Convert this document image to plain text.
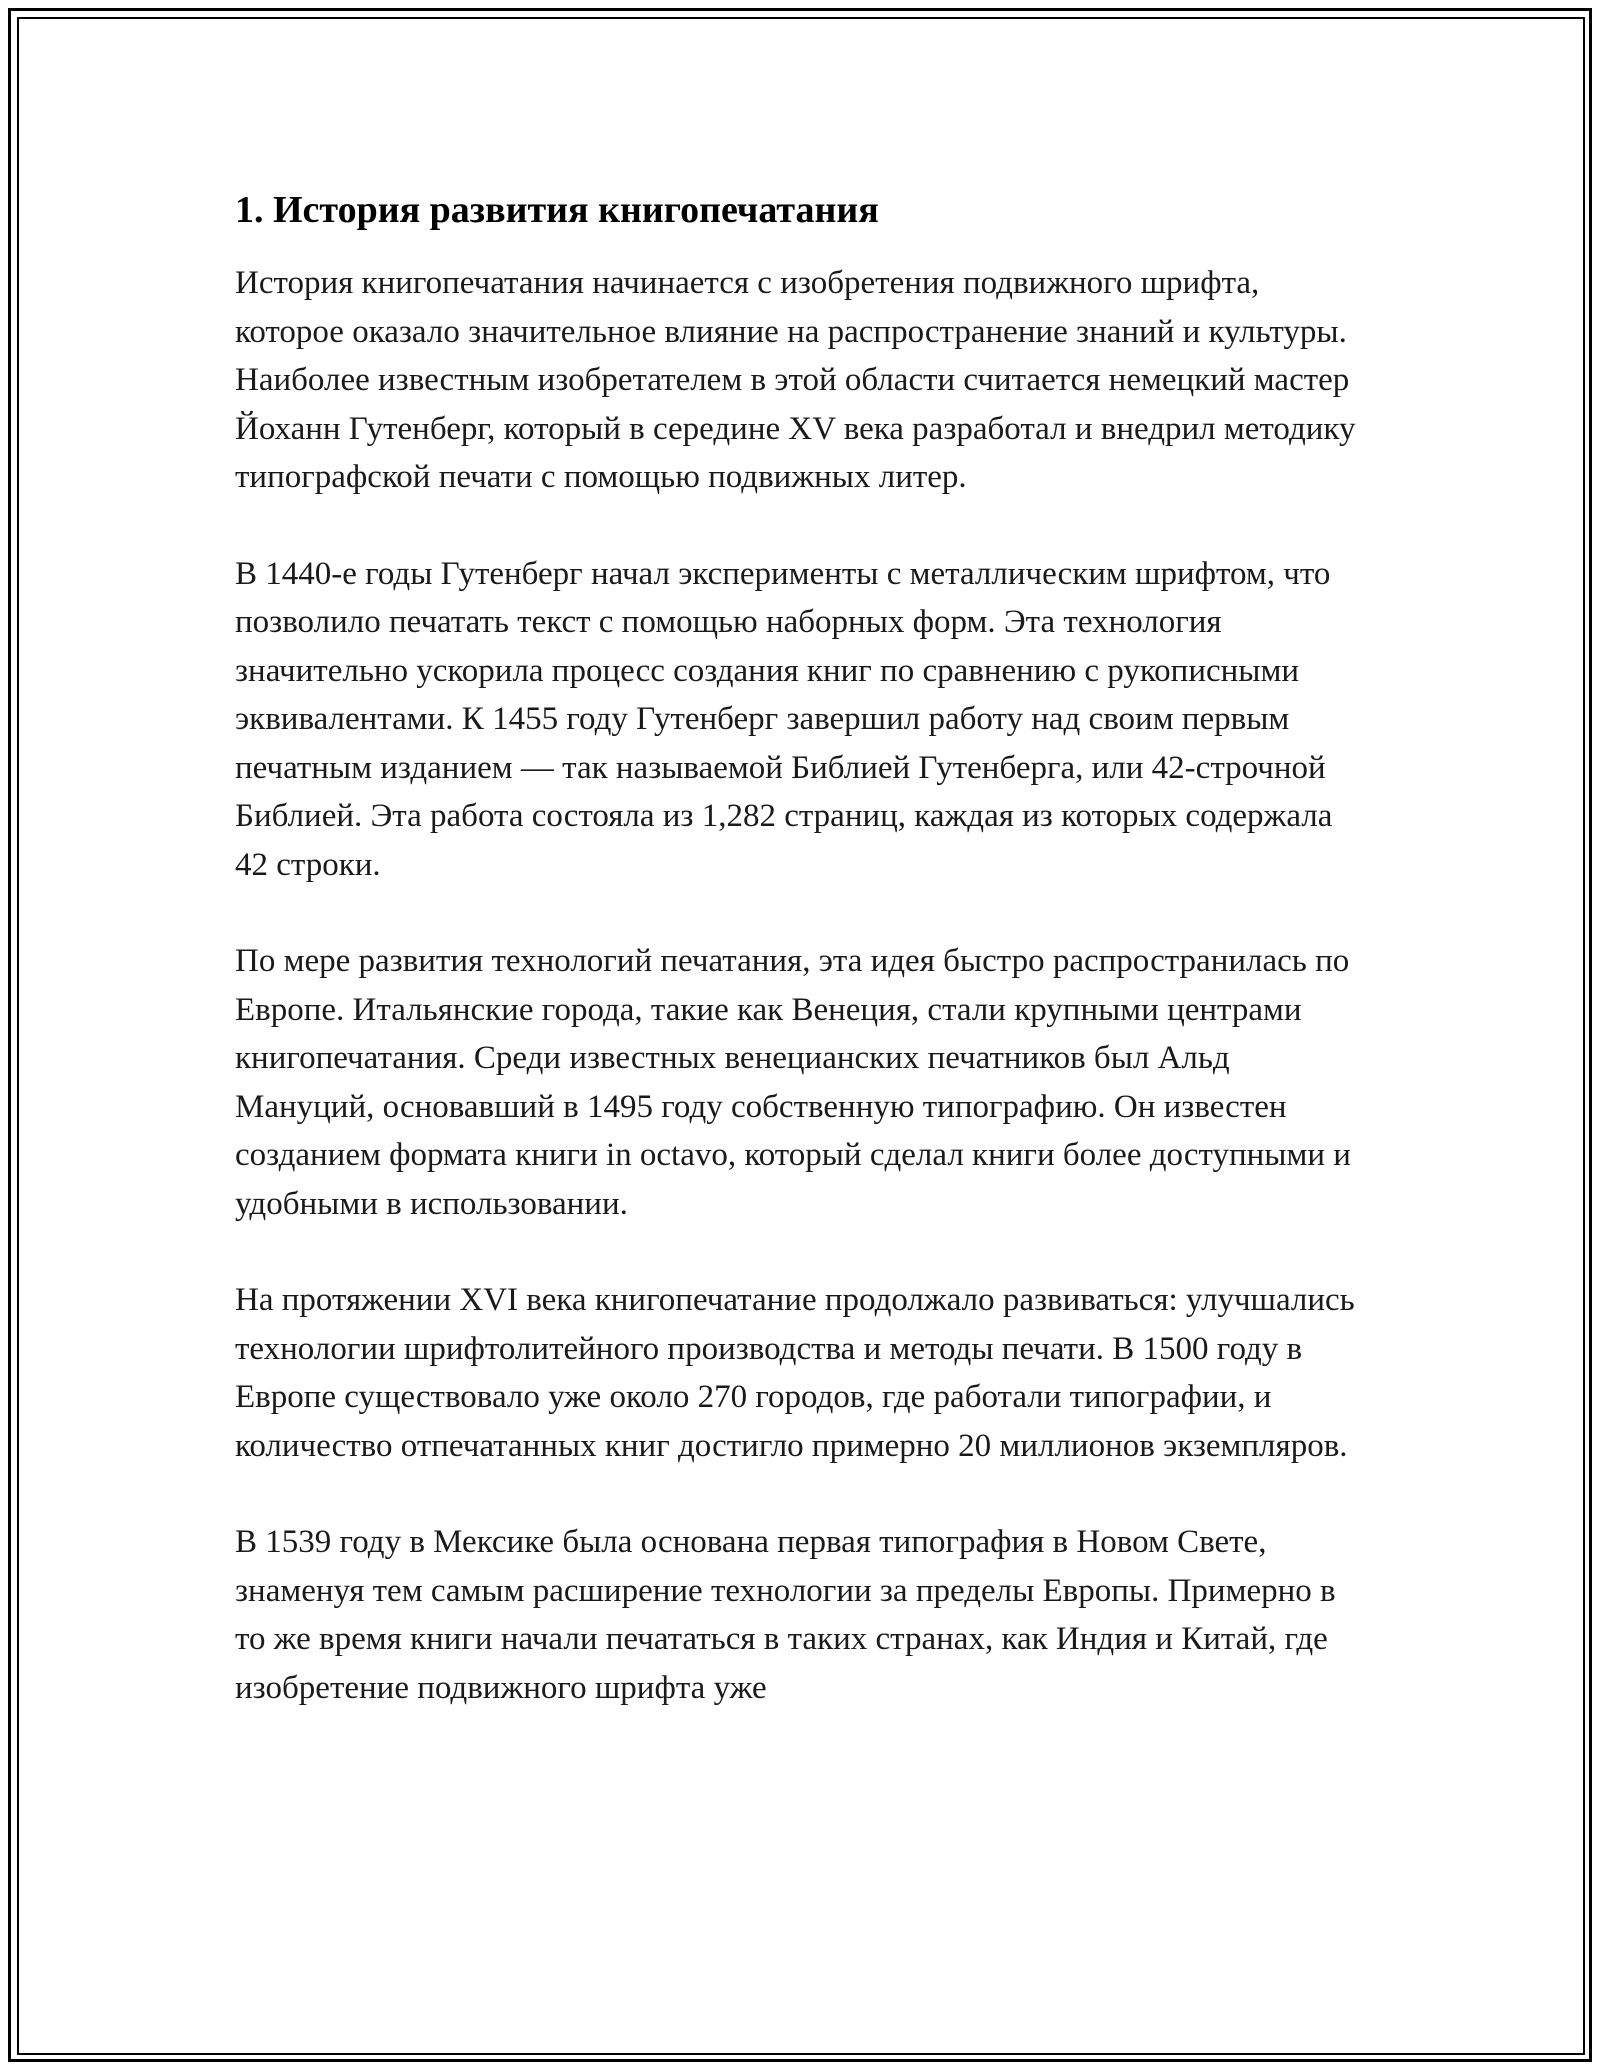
1. История развития книгопечатания

История книгопечатания начинается с изобретения подвижного шрифта, которое оказало значительное влияние на распространение знаний и культуры. Наиболее известным изобретателем в этой области считается немецкий мастер Йоханн Гутенберг, который в середине XV века разработал и внедрил методику типографской печати с помощью подвижных литер.

В 1440-е годы Гутенберг начал эксперименты с металлическим шрифтом, что позволило печатать текст с помощью наборных форм. Эта технология значительно ускорила процесс создания книг по сравнению с рукописными эквивалентами. К 1455 году Гутенберг завершил работу над своим первым печатным изданием — так называемой Библией Гутенберга, или 42-строчной Библией. Эта работа состояла из 1,282 страниц, каждая из которых содержала 42 строки.

По мере развития технологий печатания, эта идея быстро распространилась по Европе. Итальянские города, такие как Венеция, стали крупными центрами книгопечатания. Среди известных венецианских печатников был Альд Мануций, основавший в 1495 году собственную типографию. Он известен созданием формата книги in octavo, который сделал книги более доступными и удобными в использовании.

На протяжении XVI века книгопечатание продолжало развиваться: улучшались технологии шрифтолитейного производства и методы печати. В 1500 году в Европе существовало уже около 270 городов, где работали типографии, и количество отпечатанных книг достигло примерно 20 миллионов экземпляров.

В 1539 году в Мексике была основана первая типография в Новом Свете, знаменуя тем самым расширение технологии за пределы Европы. Примерно в то же время книги начали печататься в таких странах, как Индия и Китай, где изобретение подвижного шрифта уже
